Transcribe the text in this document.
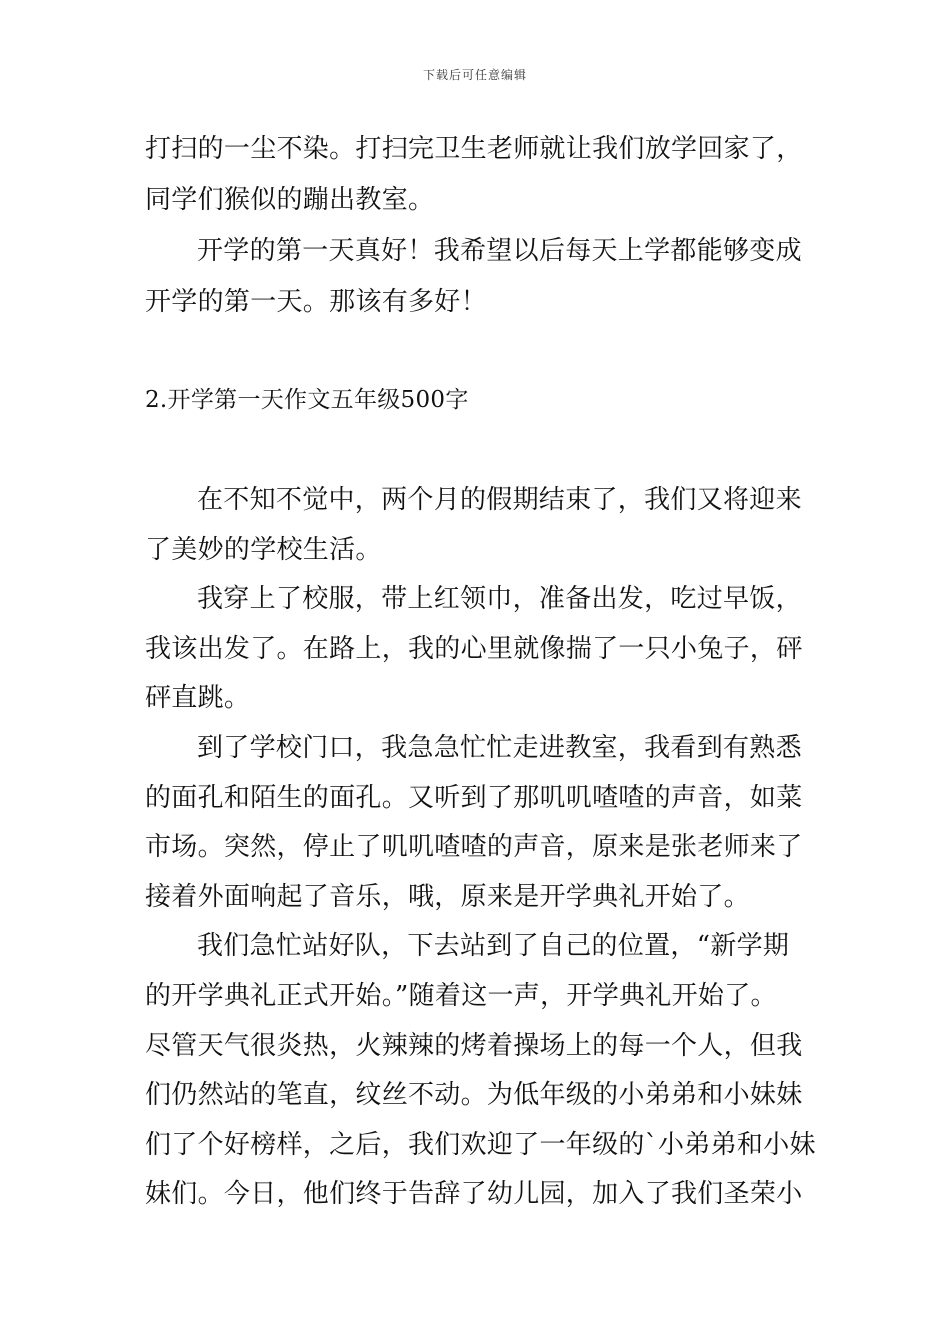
下载后可任意编辑
打扫的一尘不染。打扫完卫生老师就让我们放学回家了，
同学们猴似的蹦出教室。
开学的第一天真好！我希望以后每天上学都能够变成
开学的第一天。那该有多好！
2.开学第一天作文五年级500字
在不知不觉中，两个月的假期结束了，我们又将迎来
了美妙的学校生活。
我穿上了校服，带上红领巾，准备出发，吃过早饭，
我该出发了。在路上，我的心里就像揣了一只小兔子，砰
砰直跳。
到了学校门口，我急急忙忙走进教室，我看到有熟悉
的面孔和陌生的面孔。又听到了那叽叽喳喳的声音，如菜
市场。突然，停止了叽叽喳喳的声音，原来是张老师来了
接着外面响起了音乐，哦，原来是开学典礼开始了。
我们急忙站好队，下去站到了自己的位置，“新学期
的开学典礼正式开始。”随着这一声，开学典礼开始了。
尽管天气很炎热，火辣辣的烤着操场上的每一个人，但我
们仍然站的笔直，纹丝不动。为低年级的小弟弟和小妹妹
们了个好榜样，之后，我们欢迎了一年级的`小弟弟和小妹
妹们。今日，他们终于告辞了幼儿园，加入了我们圣荣小
